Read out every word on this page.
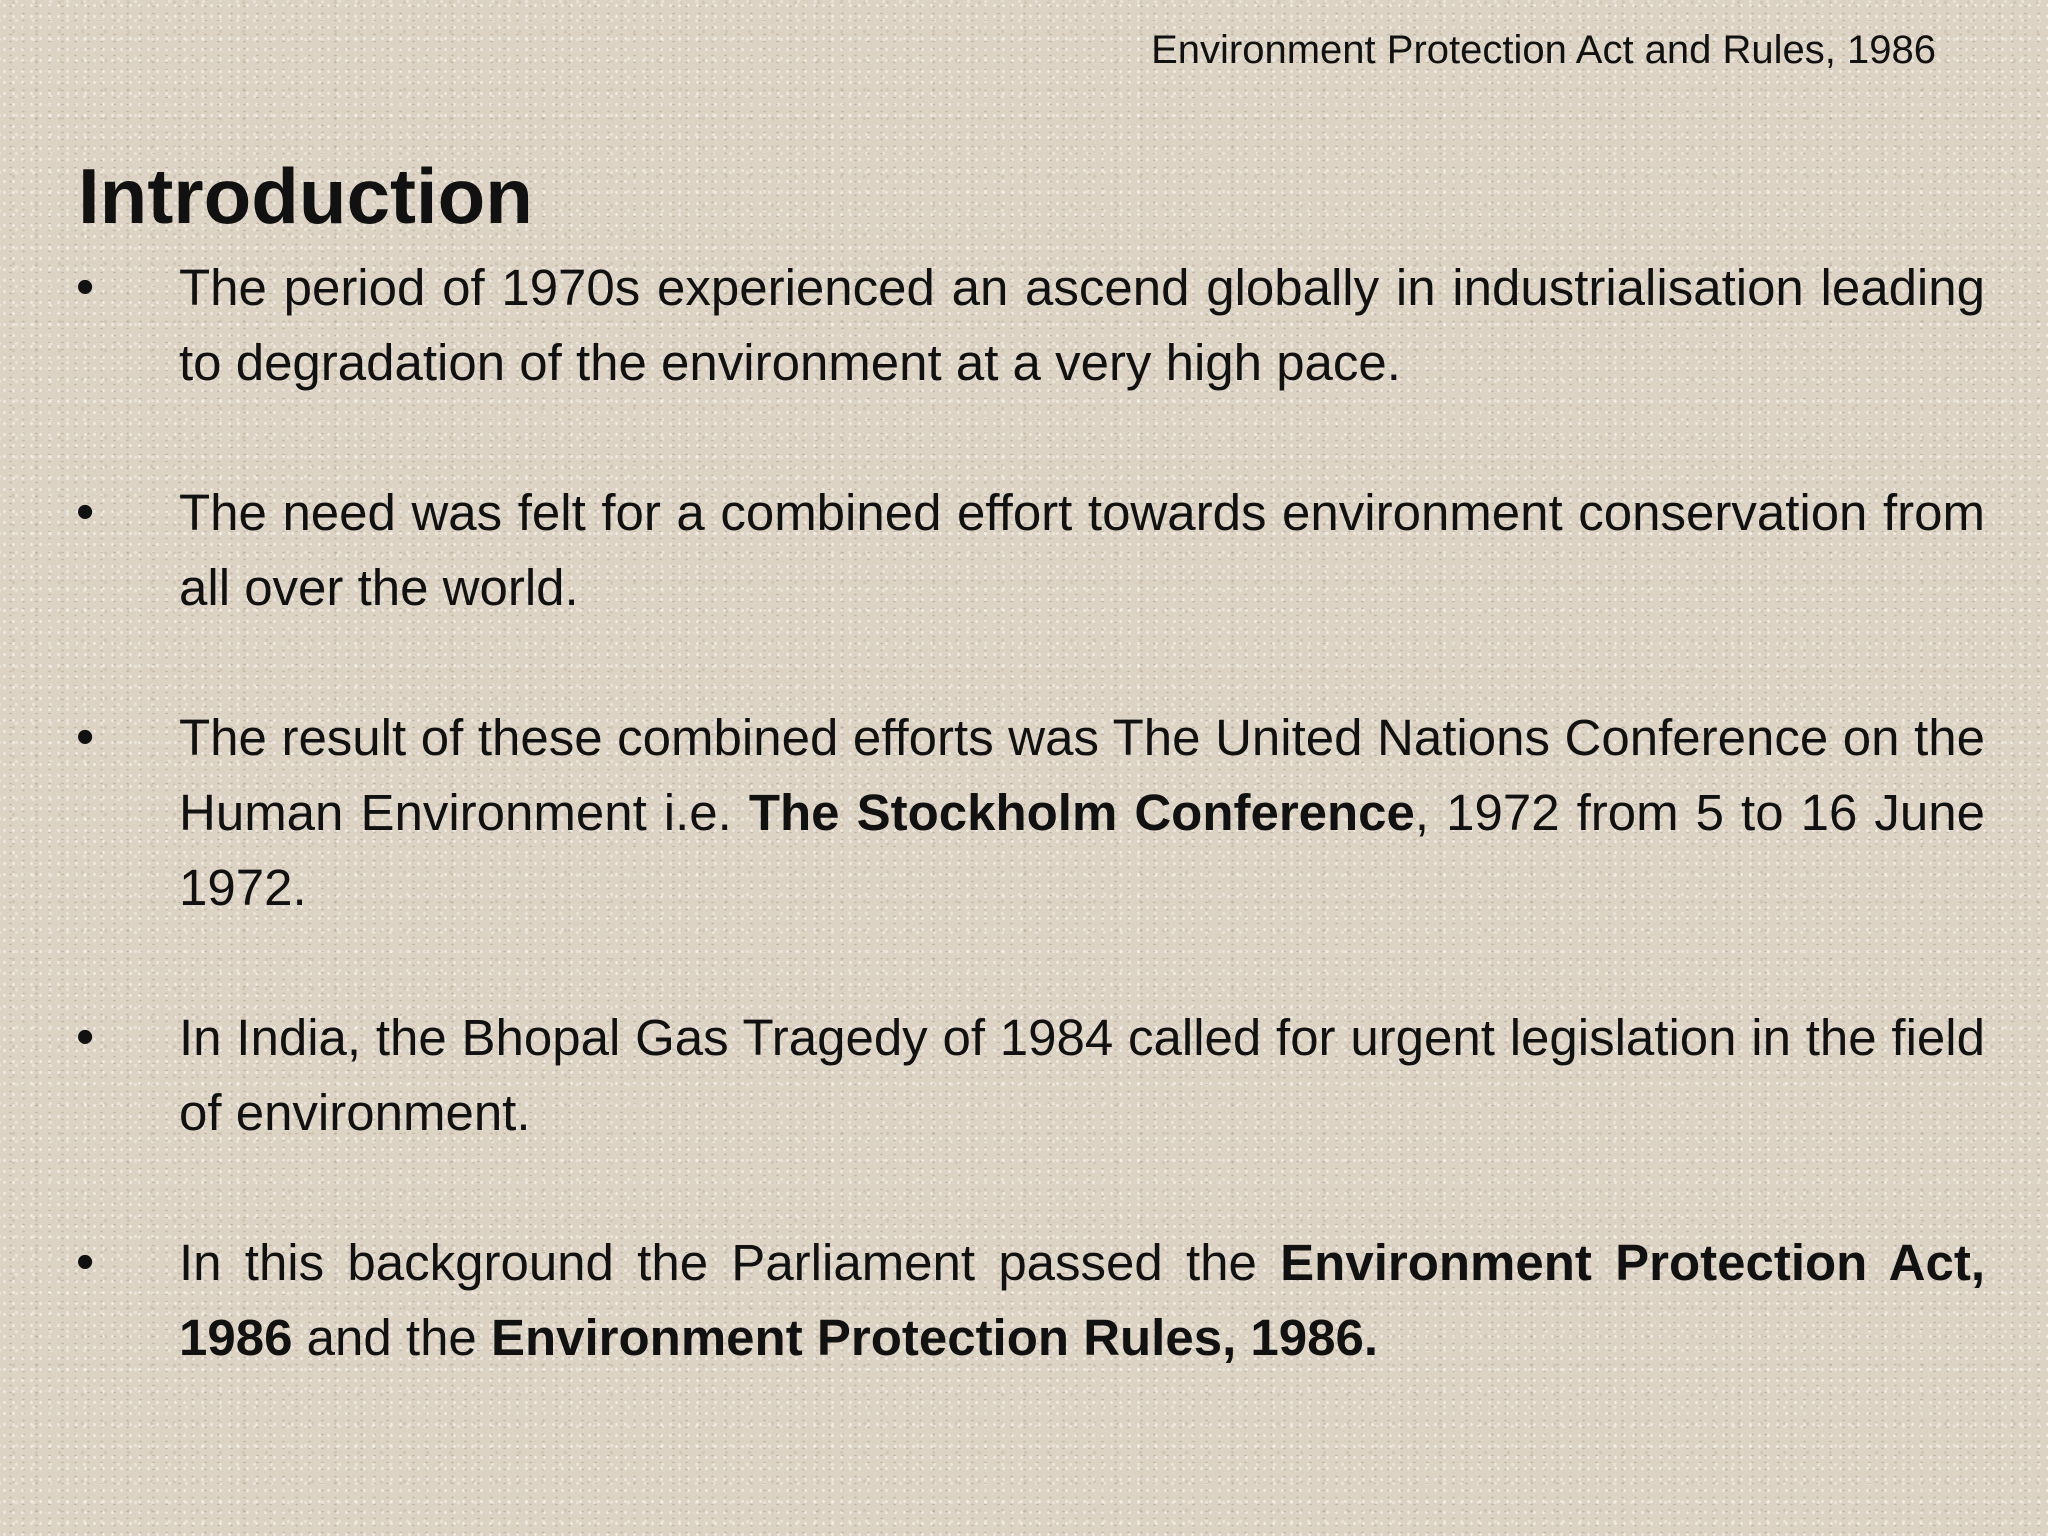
Environment Protection Act and Rules, 1986
Introduction
• The period of 1970s experienced an ascend globally in industrialisation leading to degradation of the environment at a very high pace.
• The need was felt for a combined effort towards environment conservation from all over the world.
• The result of these combined efforts was The United Nations Conference on the Human Environment i.e. The Stockholm Conference, 1972 from 5 to 16 June 1972.
• In India, the Bhopal Gas Tragedy of 1984 called for urgent legislation in the field of environment.
• In this background the Parliament passed the Environment Protection Act, 1986 and the Environment Protection Rules, 1986.
